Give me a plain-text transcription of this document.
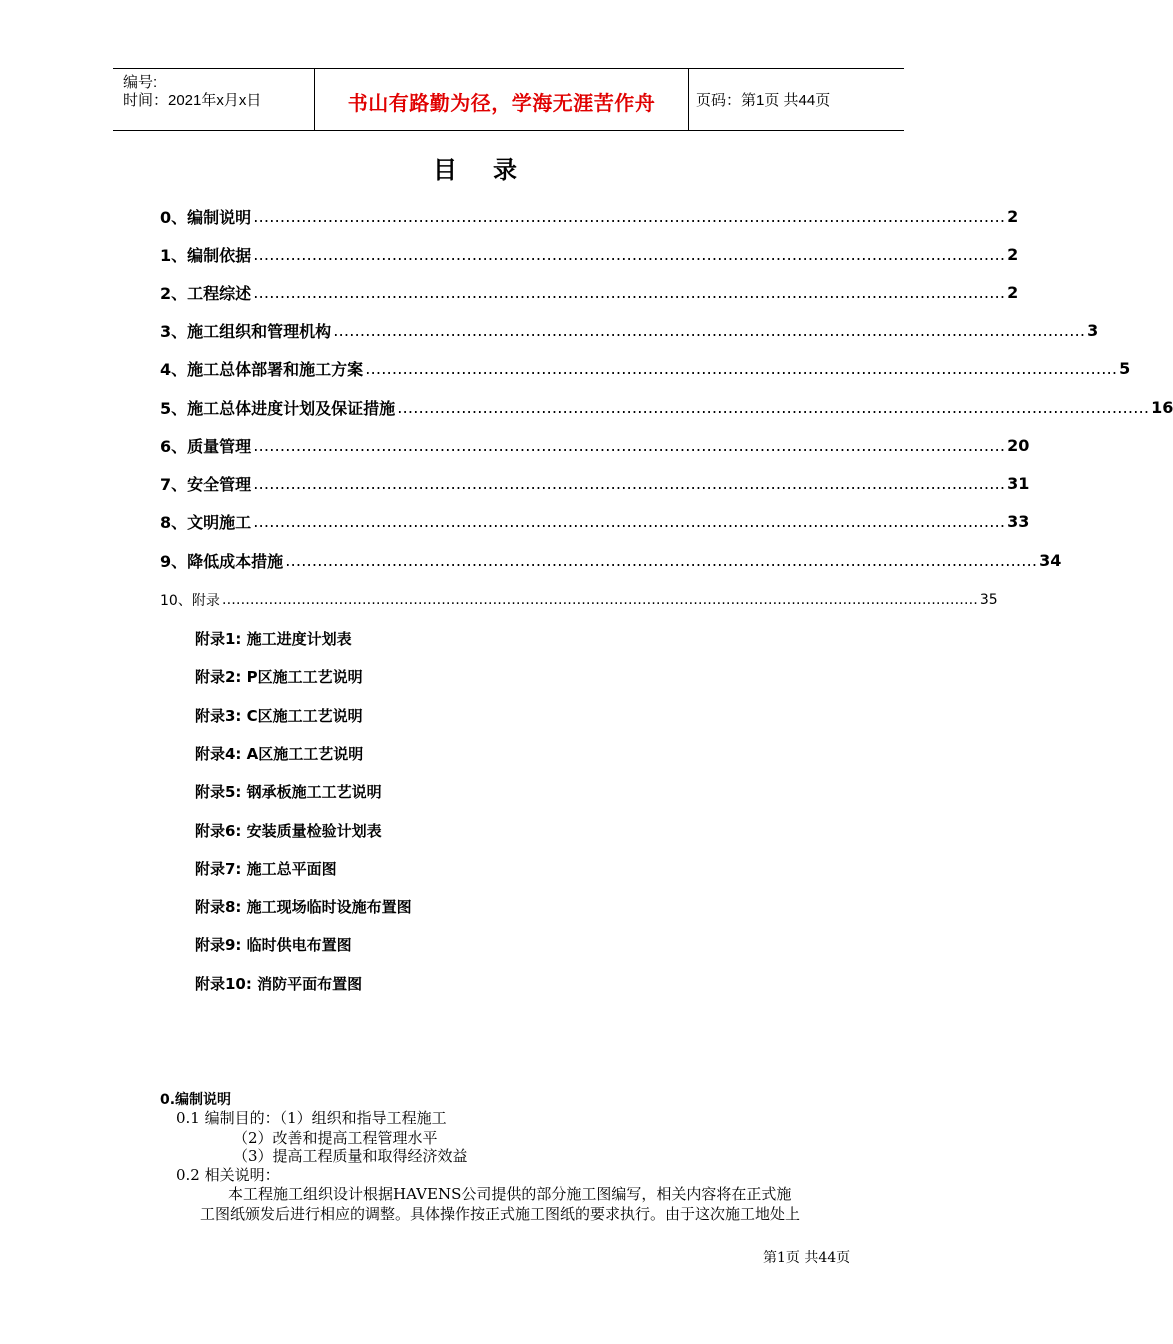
编号:
时间：2021年x月x日	书山有路勤为径，学海无涯苦作舟	页码：第1页 共44页
目录
0、编制说明 …………………………………………………………………………………………………………………………… 2
1、编制依据 …………………………………………………………………………………………………………………………… 2
2、工程综述 …………………………………………………………………………………………………………………………… 2
3、施工组织和管理机构 …………………………………………………………………………………………………………………………… 3
4、施工总体部署和施工方案 …………………………………………………………………………………………………………………………… 5
5、施工总体进度计划及保证措施 …………………………………………………………………………………………………………………………… 16
6、质量管理 …………………………………………………………………………………………………………………………… 20
7、安全管理 …………………………………………………………………………………………………………………………… 31
8、文明施工 …………………………………………………………………………………………………………………………… 33
9、降低成本措施 …………………………………………………………………………………………………………………………… 34
10、附录 ……………………………………………………………………………………………………………………………………………… 35
附录1: 施工进度计划表
附录2: P区施工工艺说明
附录3: C区施工工艺说明
附录4: A区施工工艺说明
附录5: 钢承板施工工艺说明
附录6: 安装质量检验计划表
附录7: 施工总平面图
附录8: 施工现场临时设施布置图
附录9: 临时供电布置图
附录10: 消防平面布置图
0.编制说明
0.1 编制目的：（1）组织和指导工程施工
（2）改善和提高工程管理水平
（3）提高工程质量和取得经济效益
0.2 相关说明：
本工程施工组织设计根据HAVENS公司提供的部分施工图编写，相关内容将在正式施
工图纸颁发后进行相应的调整。具体操作按正式施工图纸的要求执行。由于这次施工地处上
第1页 共44页
